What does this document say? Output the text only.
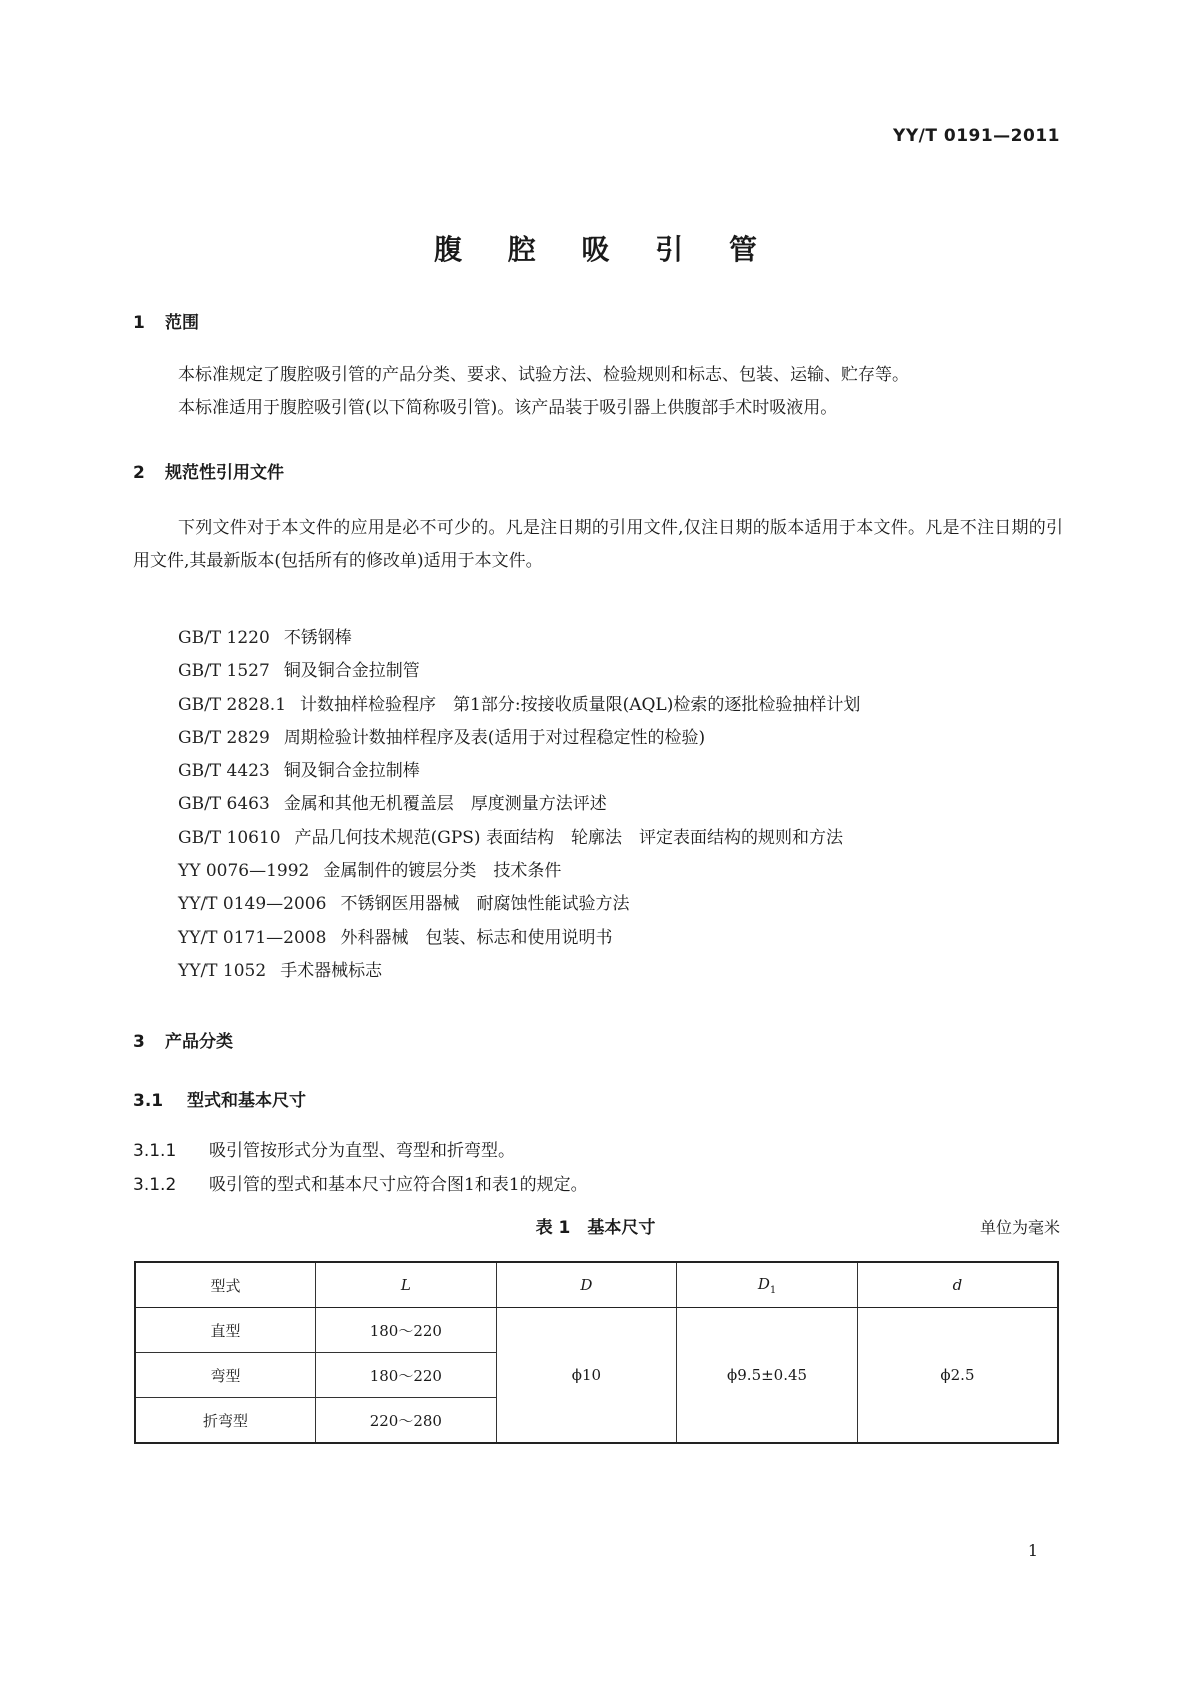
YY/T 0191—2011
腹 腔 吸 引 管
1 范围
本标准规定了腹腔吸引管的产品分类、要求、试验方法、检验规则和标志、包装、运输、贮存等。
本标准适用于腹腔吸引管(以下简称吸引管)。该产品装于吸引器上供腹部手术时吸液用。
2 规范性引用文件
下列文件对于本文件的应用是必不可少的。凡是注日期的引用文件,仅注日期的版本适用于本文件。凡是不注日期的引用文件,其最新版本(包括所有的修改单)适用于本文件。
GB/T 1220 不锈钢棒
GB/T 1527 铜及铜合金拉制管
GB/T 2828.1 计数抽样检验程序　第1部分:按接收质量限(AQL)检索的逐批检验抽样计划
GB/T 2829 周期检验计数抽样程序及表(适用于对过程稳定性的检验)
GB/T 4423 铜及铜合金拉制棒
GB/T 6463 金属和其他无机覆盖层　厚度测量方法评述
GB/T 10610 产品几何技术规范(GPS) 表面结构　轮廓法　评定表面结构的规则和方法
YY 0076—1992 金属制件的镀层分类　技术条件
YY/T 0149—2006 不锈钢医用器械　耐腐蚀性能试验方法
YY/T 0171—2008 外科器械　包装、标志和使用说明书
YY/T 1052 手术器械标志
3 产品分类
3.1 型式和基本尺寸
3.1.1 吸引管按形式分为直型、弯型和折弯型。
3.1.2 吸引管的型式和基本尺寸应符合图1和表1的规定。
表 1　基本尺寸	单位为毫米
型式	L	D	$D_1$	d
直型	180～220	ϕ10	ϕ9.5±0.45	ϕ2.5
弯型	180～220			
折弯型	220～280			
1
